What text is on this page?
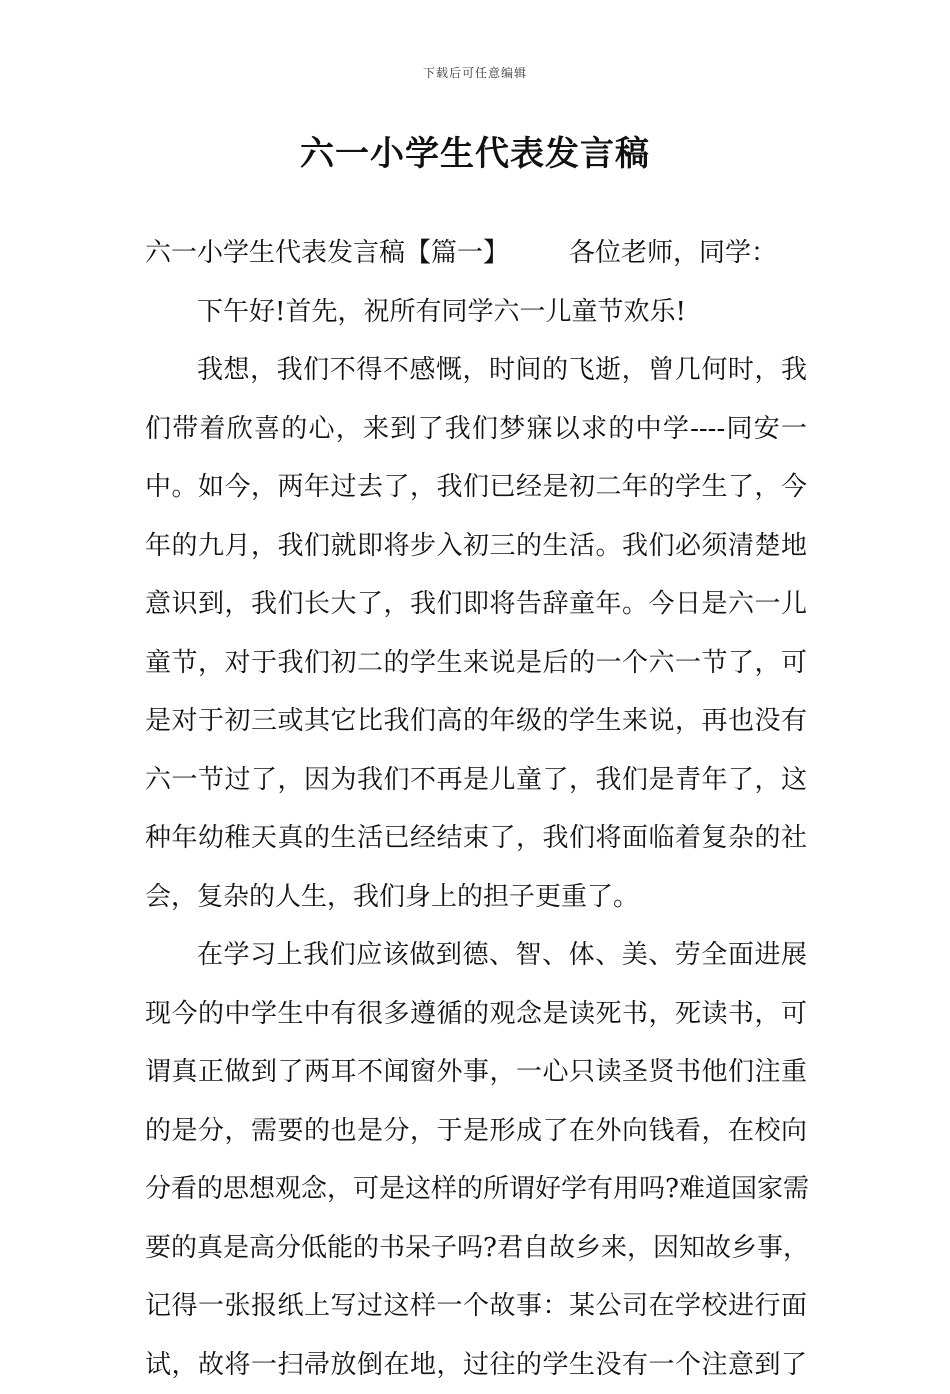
下载后可任意编辑
六一小学生代表发言稿
六一小学生代表发言稿【篇一】 各位老师，同学：
下午好!首先，祝所有同学六一儿童节欢乐!
我想，我们不得不感慨，时间的飞逝，曾几何时，我
们带着欣喜的心，来到了我们梦寐以求的中学----同安一
中。如今，两年过去了，我们已经是初二年的学生了，今
年的九月，我们就即将步入初三的生活。我们必须清楚地
意识到，我们长大了，我们即将告辞童年。今日是六一儿
童节，对于我们初二的学生来说是后的一个六一节了，可
是对于初三或其它比我们高的年级的学生来说，再也没有
六一节过了，因为我们不再是儿童了，我们是青年了，这
种年幼稚天真的生活已经结束了，我们将面临着复杂的社
会，复杂的人生，我们身上的担子更重了。
在学习上我们应该做到德、智、体、美、劳全面进展
现今的中学生中有很多遵循的观念是读死书，死读书，可
谓真正做到了两耳不闻窗外事，一心只读圣贤书他们注重
的是分，需要的也是分，于是形成了在外向钱看，在校向
分看的思想观念，可是这样的所谓好学有用吗?难道国家需
要的真是高分低能的书呆子吗?君自故乡来，因知故乡事，
记得一张报纸上写过这样一个故事：某公司在学校进行面
试，故将一扫帚放倒在地，过往的学生没有一个注意到了
